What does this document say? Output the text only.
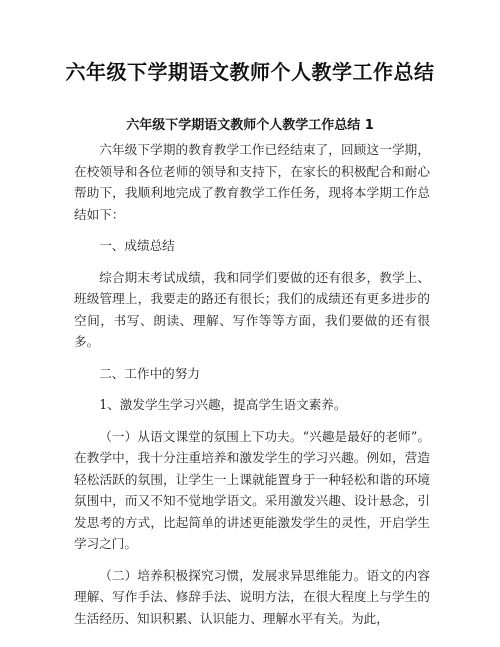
六年级下学期语文教师个人教学工作总结
六年级下学期语文教师个人教学工作总结 1

六年级下学期的教育教学工作已经结束了，回顾这一学期，在校领导和各位老师的领导和支持下，在家长的积极配合和耐心帮助下，我顺利地完成了教育教学工作任务，现将本学期工作总结如下：

一、成绩总结

综合期末考试成绩，我和同学们要做的还有很多，教学上、班级管理上，我要走的路还有很长；我们的成绩还有更多进步的空间，书写、朗读、理解、写作等等方面，我们要做的还有很多。

二、工作中的努力

1、激发学生学习兴趣，提高学生语文素养。

（一）从语文课堂的氛围上下功夫。“兴趣是最好的老师”。在教学中，我十分注重培养和激发学生的学习兴趣。例如，营造轻松活跃的氛围，让学生一上课就能置身于一种轻松和谐的环境氛围中，而又不知不觉地学语文。采用激发兴趣、设计悬念，引发思考的方式，比起简单的讲述更能激发学生的灵性，开启学生学习之门。

（二）培养积极探究习惯，发展求异思维能力。语文的内容理解、写作手法、修辞手法、说明方法，在很大程度上与学生的生活经历、知识积累、认识能力、理解水平有关。为此，
